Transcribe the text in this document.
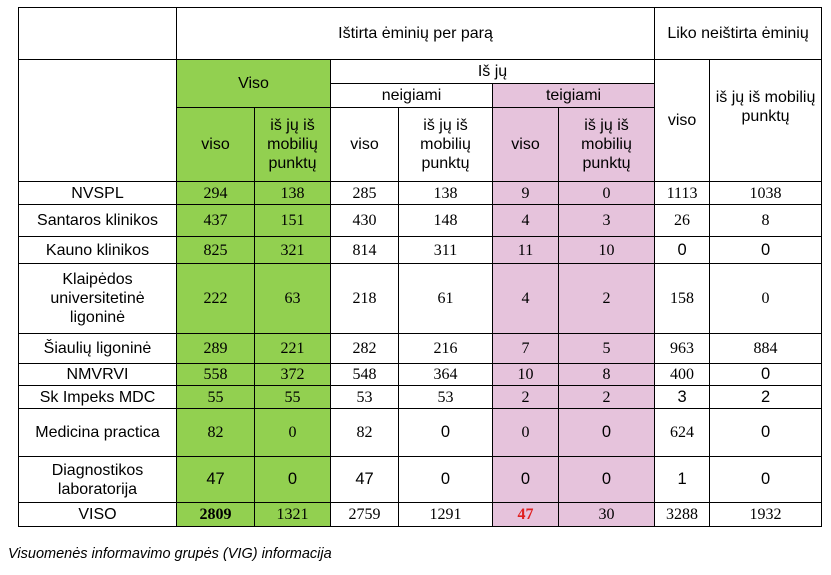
	Ištirta ėminių per parą						Liko neištirta ėminių	
	Viso		Iš jų				viso	iš jų iš mobilių punktų
			neigiami		teigiami			
	viso	iš jų iš mobilių punktų	viso	iš jų iš mobilių punktų	viso	iš jų iš mobilių punktų		
NVSPL	294	138	285	138	9	0	1113	1038
Santaros klinikos	437	151	430	148	4	3	26	8
Kauno klinikos	825	321	814	311	11	10	0	0
Klaipėdos universitetinė ligoninė	222	63	218	61	4	2	158	0
Šiaulių ligoninė	289	221	282	216	7	5	963	884
NMVRVI	558	372	548	364	10	8	400	0
Sk Impeks MDC	55	55	53	53	2	2	3	2
Medicina practica	82	0	82	0	0	0	624	0
Diagnostikos laboratorija	47	0	47	0	0	0	1	0
VISO	2809	1321	2759	1291	47	30	3288	1932
Visuomenės informavimo grupės (VIG) informacija
